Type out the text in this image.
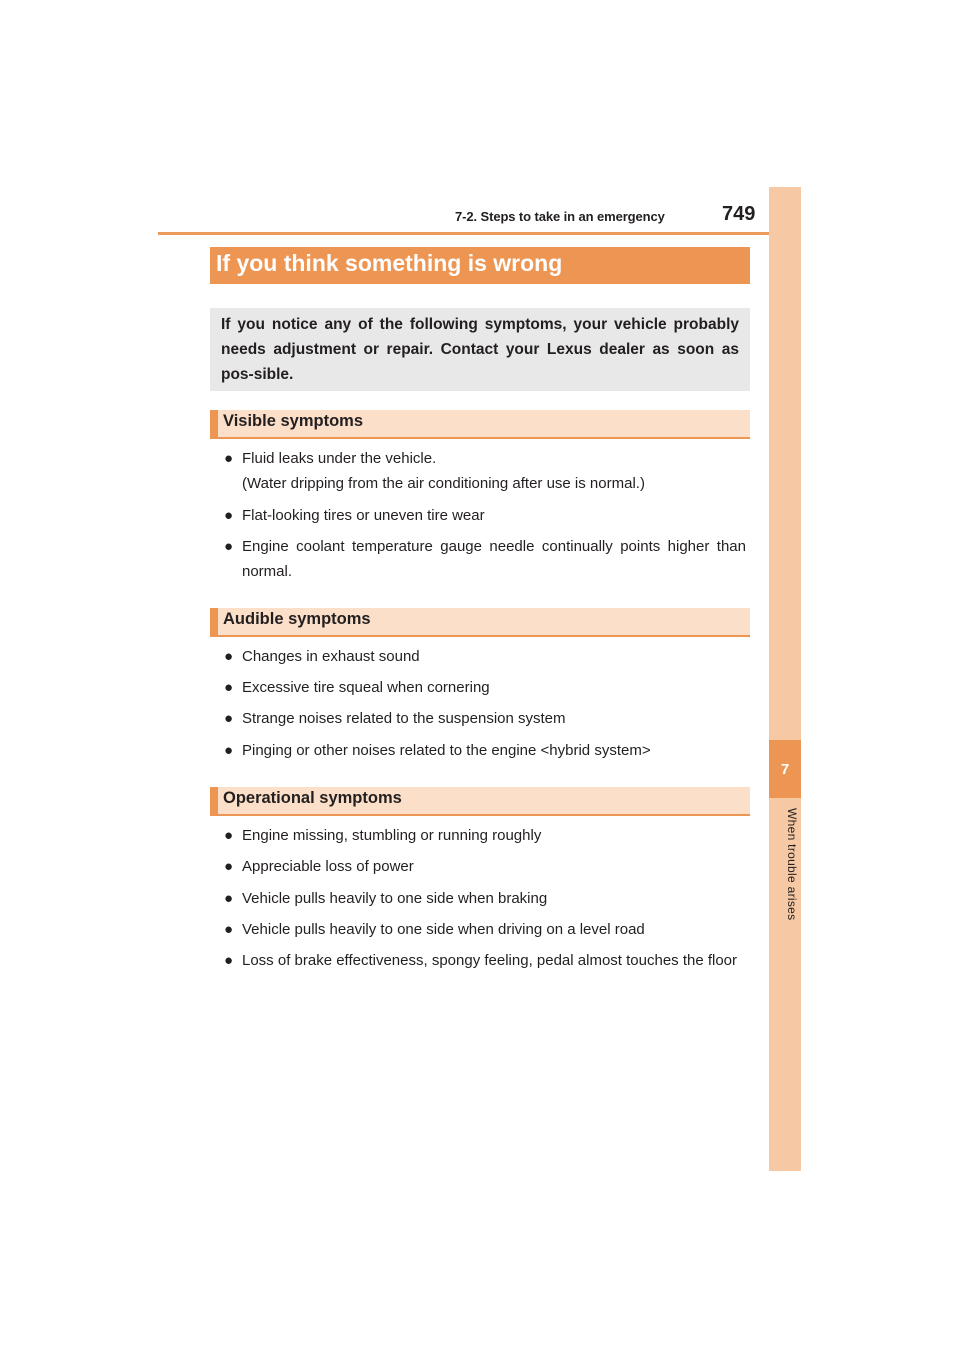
7-2. Steps to take in an emergency	749
7
When trouble arises
If you think something is wrong
If you notice any of the following symptoms, your vehicle probably needs adjustment or repair. Contact your Lexus dealer as soon as pos-sible.
Visible symptoms
● Fluid leaks under the vehicle.
(Water dripping from the air conditioning after use is normal.)
● Flat-looking tires or uneven tire wear
● Engine coolant temperature gauge needle continually points higher than normal.
Audible symptoms
● Changes in exhaust sound
● Excessive tire squeal when cornering
● Strange noises related to the suspension system
● Pinging or other noises related to the engine <hybrid system>
Operational symptoms
● Engine missing, stumbling or running roughly
● Appreciable loss of power
● Vehicle pulls heavily to one side when braking
● Vehicle pulls heavily to one side when driving on a level road
● Loss of brake effectiveness, spongy feeling, pedal almost touches the floor
